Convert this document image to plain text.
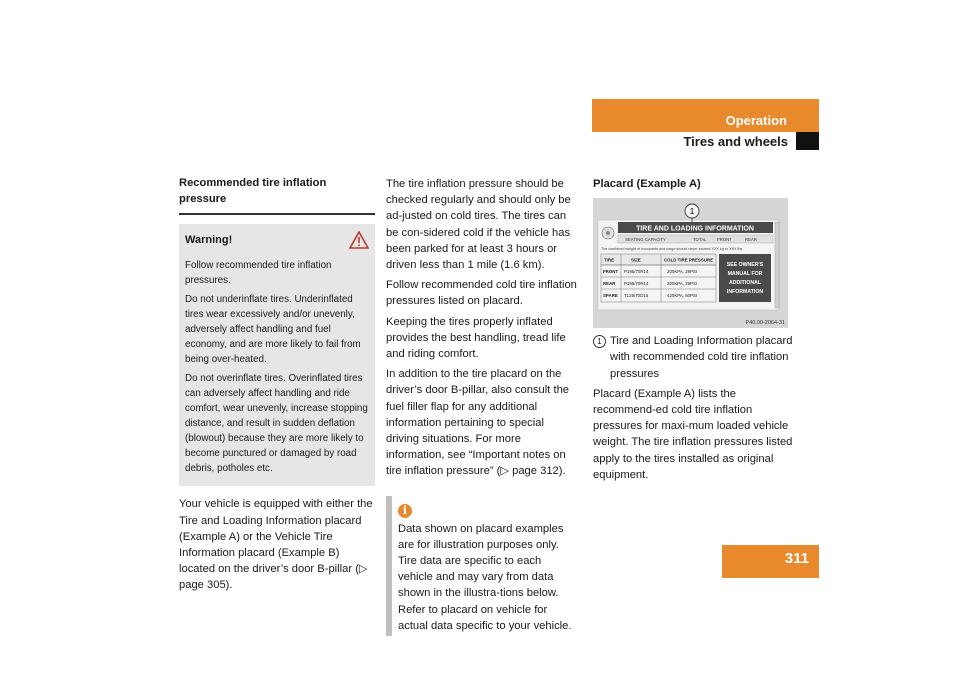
Operation
Tires and wheels
311
Recommended tire inflation pressure
Warning!

Follow recommended tire inflation pressures.

Do not underinflate tires. Underinflated tires wear excessively and/or unevenly, adversely affect handling and fuel economy, and are more likely to fail from being over-heated.

Do not overinflate tires. Overinflated tires can adversely affect handling and ride comfort, wear unevenly, increase stopping distance, and result in sudden deflation (blowout) because they are more likely to become punctured or damaged by road debris, potholes etc.

Your vehicle is equipped with either the Tire and Loading Information placard (Example A) or the Vehicle Tire Information placard (Example B) located on the driver’s door B-pillar (▷ page 305).

The tire inflation pressure should be checked regularly and should only be ad-justed on cold tires. The tires can be con-sidered cold if the vehicle has been parked for at least 3 hours or driven less than 1 mile (1.6 km).

Follow recommended cold tire inflation pressures listed on placard.

Keeping the tires properly inflated provides the best handling, tread life and riding comfort.

In addition to the tire placard on the driver’s door B-pillar, also consult the fuel filler flap for any additional information pertaining to special driving situations. For more information, see “Important notes on tire inflation pressure” (▷ page 312).

i

Data shown on placard examples are for illustration purposes only. Tire data are specific to each vehicle and may vary from data shown in the illustra-tions below. Refer to placard on vehicle for actual data specific to your vehicle.

Placard (Example A)
1
TIRE AND LOADING INFORMATION
SEATING CAPACITY	TOTAL FRONT	REAR
The combined weight of occupants and cargo should never exceed XXX kg or XXX lbs.
TIRE	SIZE	COLD TIRE PRESSURE
FRONT P195/70R14	200KPA, 29PSI
REAR P195/70R14	200KPA, 29PSI
SPARE T125/70D15	420KPA, 60PSI
SEE OWNER'S
MANUAL FOR
ADDITIONAL
INFORMATION
P40.00-2064-31
1 Tire and Loading Information placard with recommended cold tire inflation pressures

Placard (Example A) lists the recommend-ed cold tire inflation pressures for maxi-mum loaded vehicle weight. The tire inflation pressures listed apply to the tires installed as original equipment.
